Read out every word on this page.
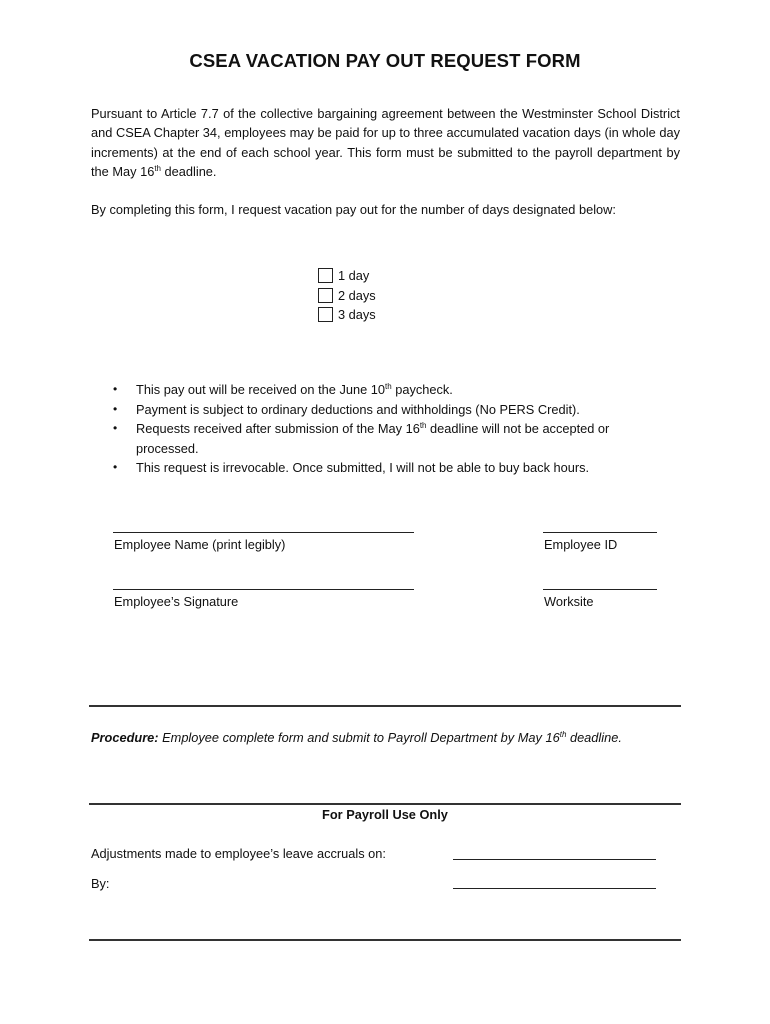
CSEA VACATION PAY OUT REQUEST FORM

Pursuant to Article 7.7 of the collective bargaining agreement between the Westminster School District and CSEA Chapter 34, employees may be paid for up to three accumulated vacation days (in whole day increments) at the end of each school year. This form must be submitted to the payroll department by the May 16th deadline.

By completing this form, I request vacation pay out for the number of days designated below:

1 day
2 days
3 days
• This pay out will be received on the June 10th paycheck.
• Payment is subject to ordinary deductions and withholdings (No PERS Credit).
• Requests received after submission of the May 16th deadline will not be accepted or processed.
• This request is irrevocable. Once submitted, I will not be able to buy back hours.
Employee Name (print legibly)	Employee ID
Employee’s Signature	Worksite

Procedure: Employee complete form and submit to Payroll Department by May 16th deadline.

For Payroll Use Only
Adjustments made to employee’s leave accruals on:
By:
